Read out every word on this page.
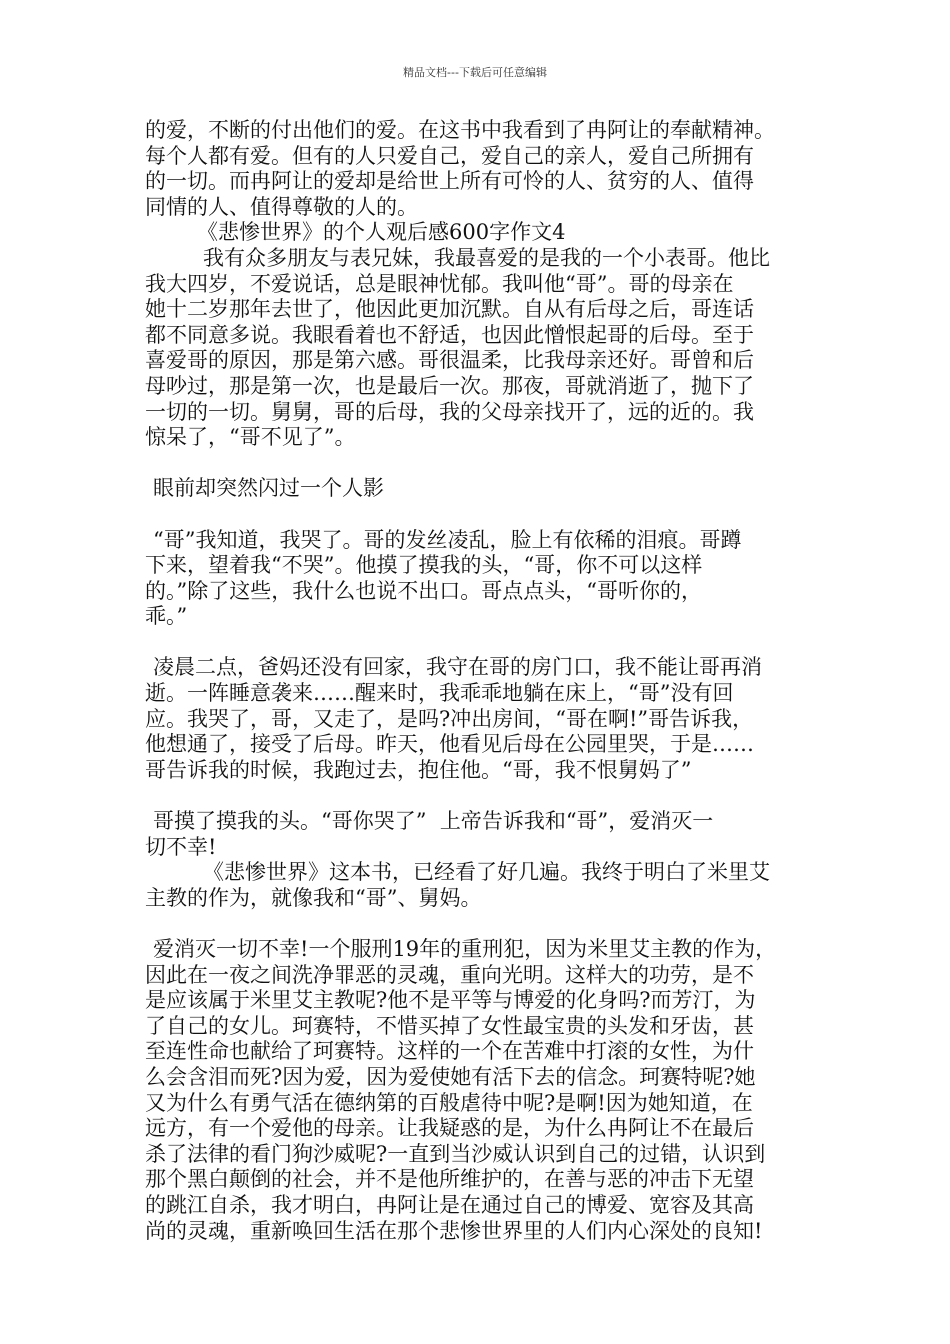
精品文档---下载后可任意编辑
的爱，不断的付出他们的爱。在这书中我看到了冉阿让的奉献精神。
每个人都有爱。但有的人只爱自己，爱自己的亲人，爱自己所拥有
的一切。而冉阿让的爱却是给世上所有可怜的人、贫穷的人、值得
同情的人、值得尊敬的人的。
《悲惨世界》的个人观后感600字作文4
我有众多朋友与表兄妹，我最喜爱的是我的一个小表哥。他比
我大四岁，不爱说话，总是眼神忧郁。我叫他“哥”。哥的母亲在
她十二岁那年去世了，他因此更加沉默。自从有后母之后，哥连话
都不同意多说。我眼看着也不舒适，也因此憎恨起哥的后母。至于
喜爱哥的原因，那是第六感。哥很温柔，比我母亲还好。哥曾和后
母吵过，那是第一次，也是最后一次。那夜，哥就消逝了，抛下了
一切的一切。舅舅，哥的后母，我的父母亲找开了，远的近的。我
惊呆了，“哥不见了”。
眼前却突然闪过一个人影
“哥”我知道，我哭了。哥的发丝凌乱，脸上有依稀的泪痕。哥蹲
下来，望着我“不哭”。他摸了摸我的头，“哥，你不可以这样
的。”除了这些，我什么也说不出口。哥点点头，“哥听你的，
乖。”
凌晨二点，爸妈还没有回家，我守在哥的房门口，我不能让哥再消
逝。一阵睡意袭来……醒来时，我乖乖地躺在床上，“哥”没有回
应。我哭了，哥，又走了，是吗?冲出房间，“哥在啊!”哥告诉我，
他想通了，接受了后母。昨天，他看见后母在公园里哭，于是……
哥告诉我的时候，我跑过去，抱住他。“哥，我不恨舅妈了”
哥摸了摸我的头。“哥你哭了”  上帝告诉我和“哥”，爱消灭一
切不幸!
《悲惨世界》这本书，已经看了好几遍。我终于明白了米里艾
主教的作为，就像我和“哥”、舅妈。
爱消灭一切不幸!一个服刑19年的重刑犯，因为米里艾主教的作为，
因此在一夜之间洗净罪恶的灵魂，重向光明。这样大的功劳，是不
是应该属于米里艾主教呢?他不是平等与博爱的化身吗?而芳汀，为
了自己的女儿。珂赛特，不惜买掉了女性最宝贵的头发和牙齿，甚
至连性命也献给了珂赛特。这样的一个在苦难中打滚的女性，为什
么会含泪而死?因为爱，因为爱使她有活下去的信念。珂赛特呢?她
又为什么有勇气活在德纳第的百般虐待中呢?是啊!因为她知道，在
远方，有一个爱他的母亲。让我疑惑的是，为什么冉阿让不在最后
杀了法律的看门狗沙威呢?一直到当沙威认识到自己的过错，认识到
那个黑白颠倒的社会，并不是他所维护的，在善与恶的冲击下无望
的跳江自杀，我才明白，冉阿让是在通过自己的博爱、宽容及其高
尚的灵魂，重新唤回生活在那个悲惨世界里的人们内心深处的良知!
